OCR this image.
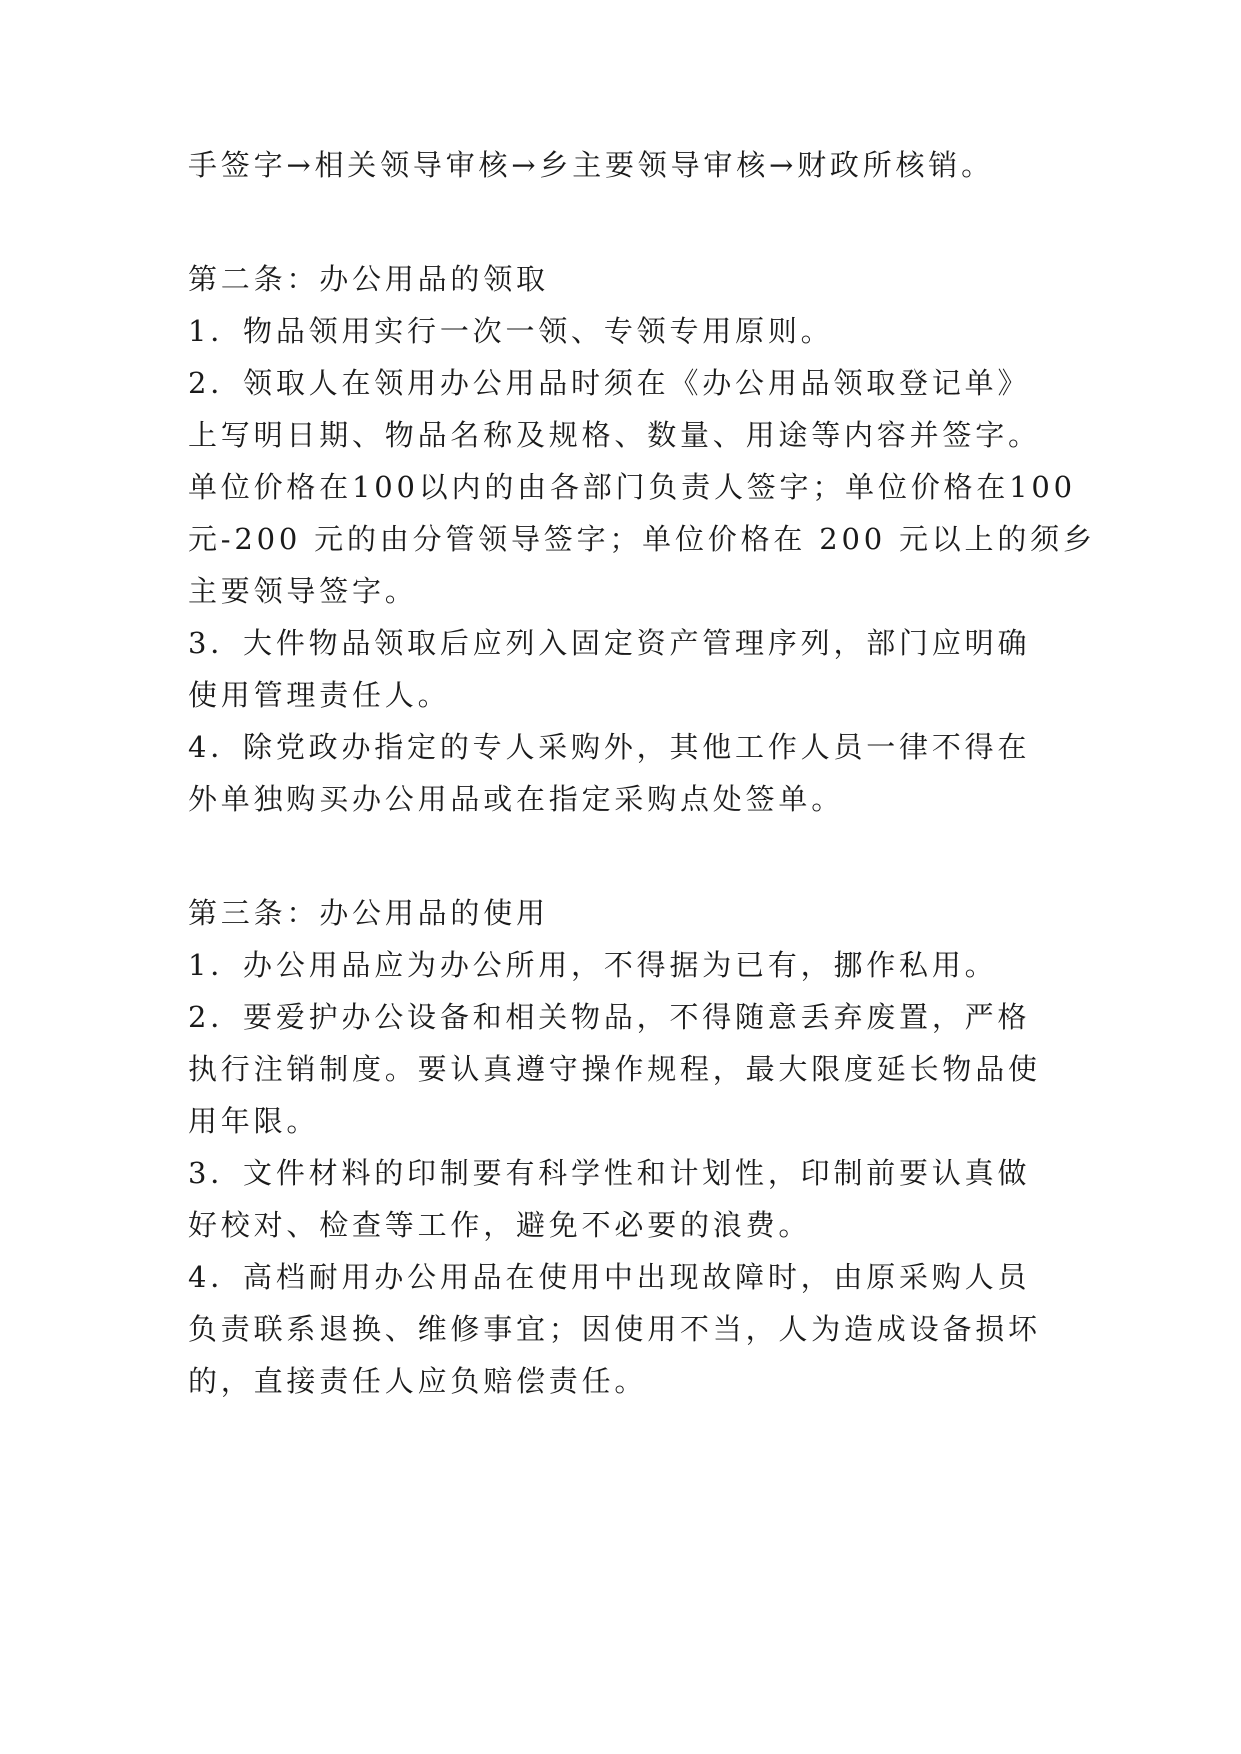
手签字→相关领导审核→乡主要领导审核→财政所核销。
第二条：办公用品的领取
1．物品领用实行一次一领、专领专用原则。
2．领取人在领用办公用品时须在《办公用品领取登记单》
上写明日期、物品名称及规格、数量、用途等内容并签字。
单位价格在100以内的由各部门负责人签字；单位价格在100
元-200 元的由分管领导签字；单位价格在 200 元以上的须乡
主要领导签字。
3．大件物品领取后应列入固定资产管理序列，部门应明确
使用管理责任人。
4．除党政办指定的专人采购外，其他工作人员一律不得在
外单独购买办公用品或在指定采购点处签单。
第三条：办公用品的使用
1．办公用品应为办公所用，不得据为已有，挪作私用。
2．要爱护办公设备和相关物品，不得随意丢弃废置，严格
执行注销制度。要认真遵守操作规程，最大限度延长物品使
用年限。
3．文件材料的印制要有科学性和计划性，印制前要认真做
好校对、检查等工作，避免不必要的浪费。
4．高档耐用办公用品在使用中出现故障时，由原采购人员
负责联系退换、维修事宜；因使用不当，人为造成设备损坏
的，直接责任人应负赔偿责任。
